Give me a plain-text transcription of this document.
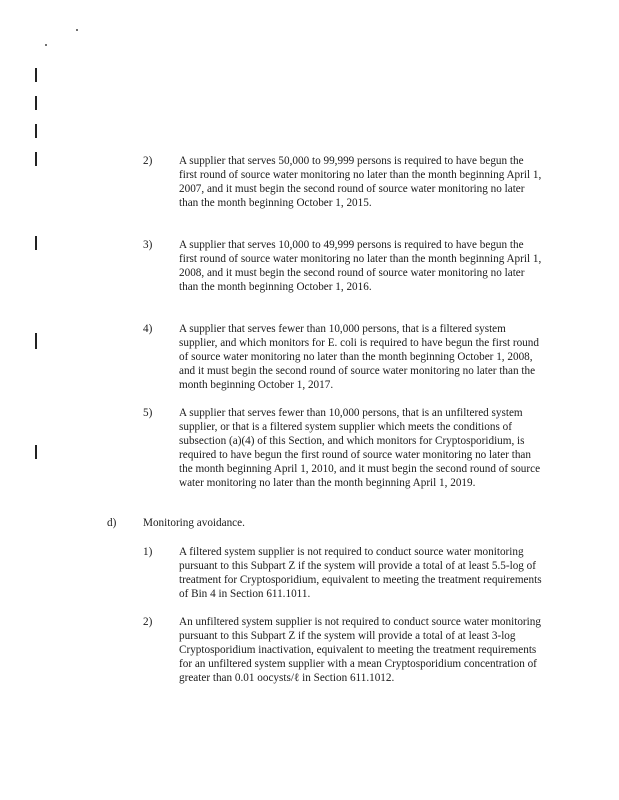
2) A supplier that serves 50,000 to 99,999 persons is required to have begun the first round of source water monitoring no later than the month beginning April 1, 2007, and it must begin the second round of source water monitoring no later than the month beginning October 1, 2015.
3) A supplier that serves 10,000 to 49,999 persons is required to have begun the first round of source water monitoring no later than the month beginning April 1, 2008, and it must begin the second round of source water monitoring no later than the month beginning October 1, 2016.
4) A supplier that serves fewer than 10,000 persons, that is a filtered system supplier, and which monitors for E. coli is required to have begun the first round of source water monitoring no later than the month beginning October 1, 2008, and it must begin the second round of source water monitoring no later than the month beginning October 1, 2017.
5) A supplier that serves fewer than 10,000 persons, that is an unfiltered system supplier, or that is a filtered system supplier which meets the conditions of subsection (a)(4) of this Section, and which monitors for Cryptosporidium, is required to have begun the first round of source water monitoring no later than the month beginning April 1, 2010, and it must begin the second round of source water monitoring no later than the month beginning April 1, 2019.
d) Monitoring avoidance.
1) A filtered system supplier is not required to conduct source water monitoring pursuant to this Subpart Z if the system will provide a total of at least 5.5-log of treatment for Cryptosporidium, equivalent to meeting the treatment requirements of Bin 4 in Section 611.1011.
2) An unfiltered system supplier is not required to conduct source water monitoring pursuant to this Subpart Z if the system will provide a total of at least 3-log Cryptosporidium inactivation, equivalent to meeting the treatment requirements for an unfiltered system supplier with a mean Cryptosporidium concentration of greater than 0.01 oocysts/ℓ in Section 611.1012.
